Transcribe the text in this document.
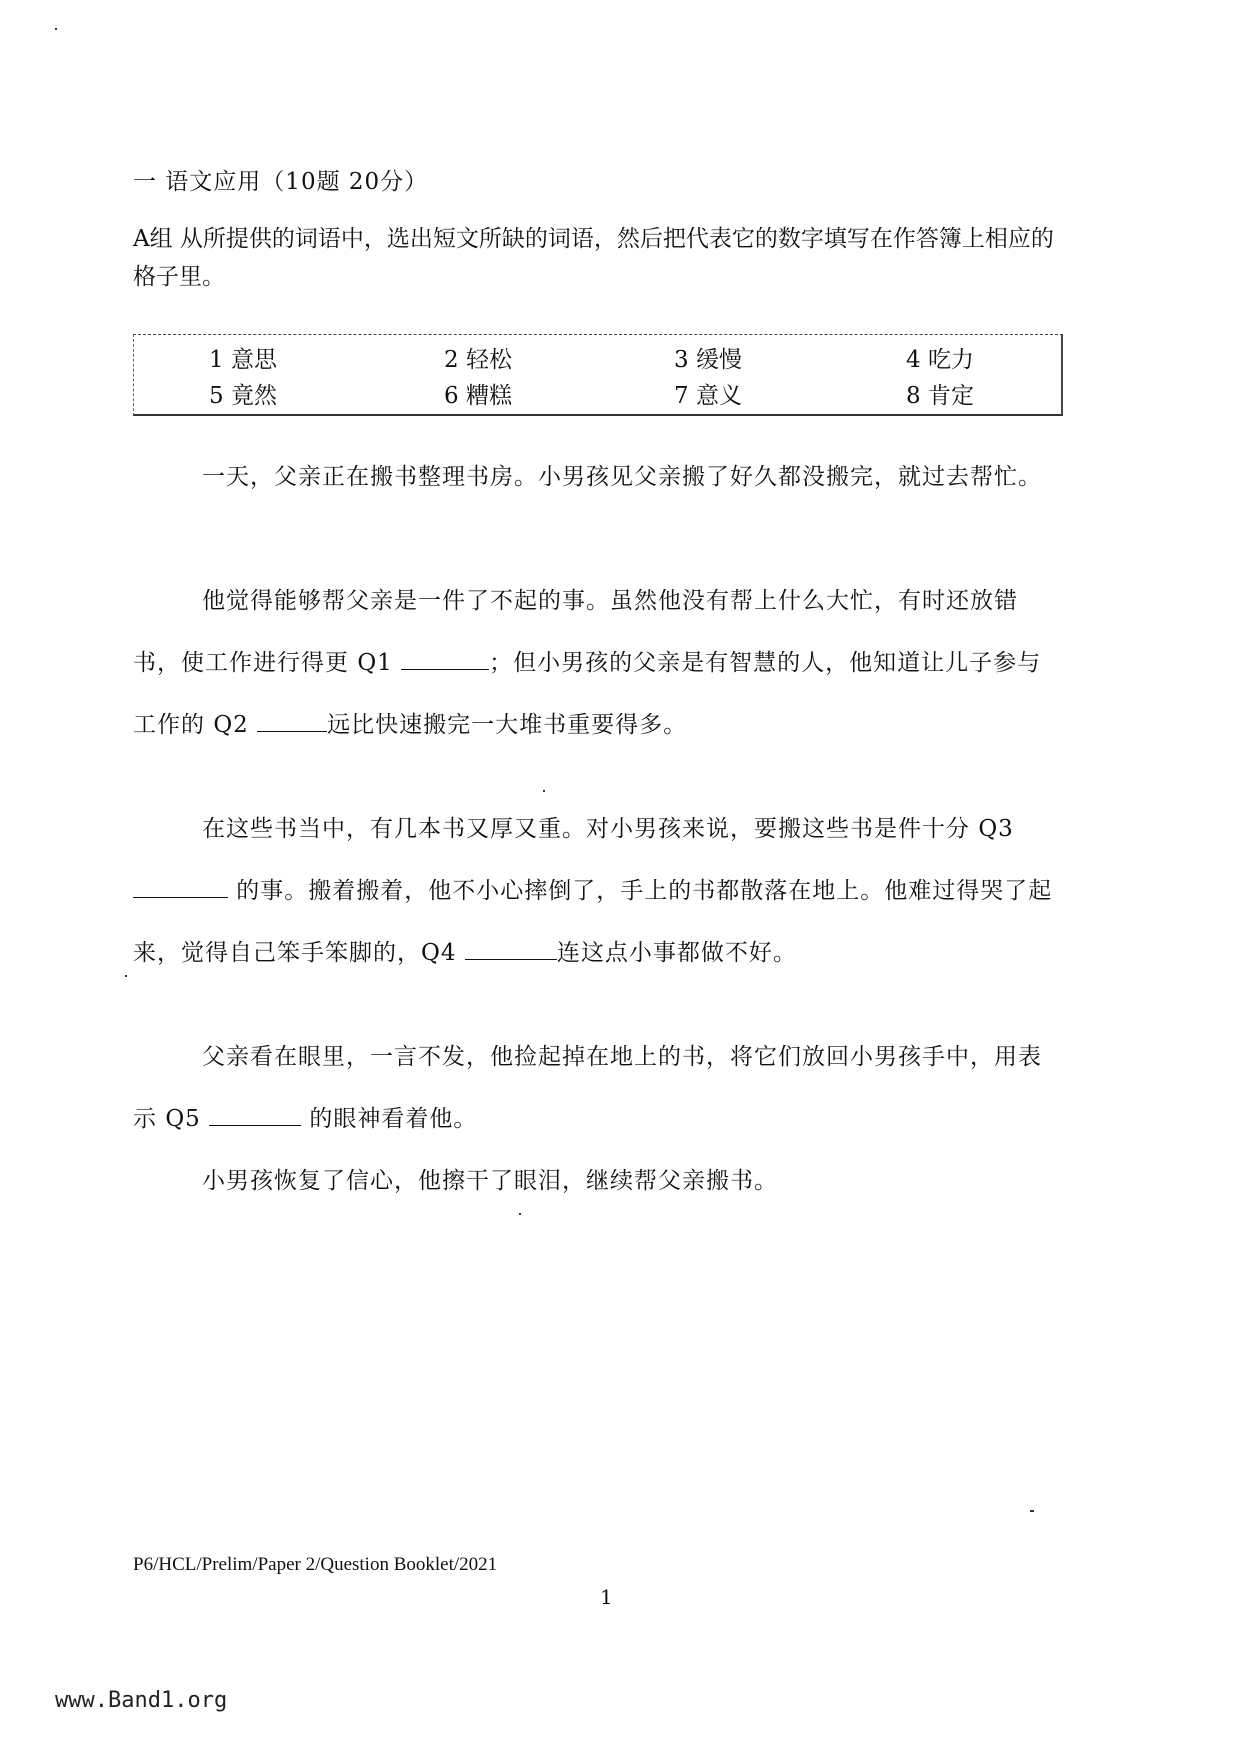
一 语文应用（10题 20分）
A组 从所提供的词语中，选出短文所缺的词语，然后把代表它的数字填写在作答簿上相应的格子里。
1 意思	2 轻松	3 缓慢	4 吃力
5 竟然	6 糟糕	7 意义	8 肯定
一天，父亲正在搬书整理书房。小男孩见父亲搬了好久都没搬完，就过去帮忙。
他觉得能够帮父亲是一件了不起的事。虽然他没有帮上什么大忙，有时还放错书，使工作进行得更 Q1	；但小男孩的父亲是有智慧的人，他知道让儿子参与工作的 Q2	远比快速搬完一大堆书重要得多。
在这些书当中，有几本书又厚又重。对小男孩来说，要搬这些书是件十分 Q3  的事。搬着搬着，他不小心摔倒了，手上的书都散落在地上。他难过得哭了起来，觉得自己笨手笨脚的，Q4	连这点小事都做不好。
父亲看在眼里，一言不发，他捡起掉在地上的书，将它们放回小男孩手中，用表示 Q5	的眼神看着他。
小男孩恢复了信心，他擦干了眼泪，继续帮父亲搬书。
P6/HCL/Prelim/Paper 2/Question Booklet/2021
1
www.Band1.org
